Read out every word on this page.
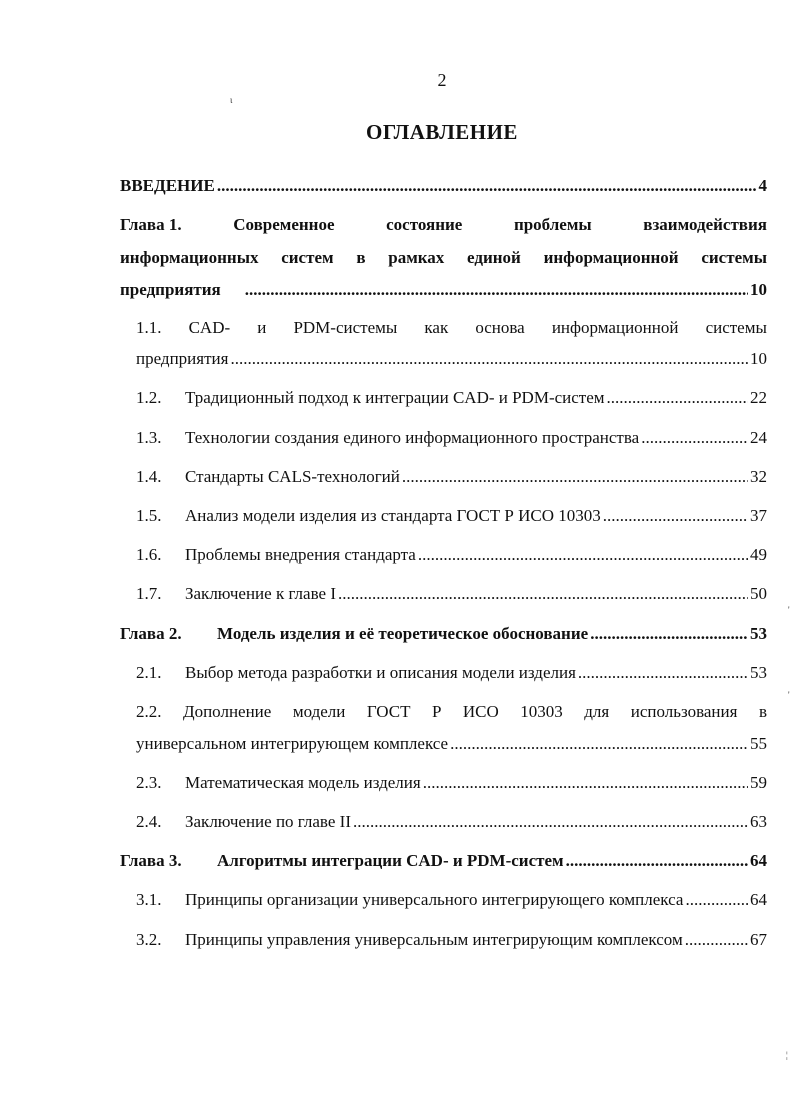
2
ОГЛАВЛЕНИЕ
ВВЕДЕНИЕ .....	4
Глава 1.	Современное	состояние	проблемы	взаимодействия
информационных систем в рамках единой информационной системы
предприятия .....	10
1.1. CAD- и PDM-системы как основа информационной системы
предприятия .....	10
1.2. Традиционный подход к интеграции CAD- и PDM-систем .....	22
1.3. Технологии создания единого информационного пространства .....	24
1.4. Стандарты CALS-технологий .....	32
1.5. Анализ модели изделия из стандарта ГОСТ Р ИСО 10303 .....	37
1.6. Проблемы внедрения стандарта .....	49
1.7. Заключение к главе I .....	50
Глава 2. Модель изделия и её теоретическое обоснование .....	53
2.1. Выбор метода разработки и описания модели изделия .....	53
2.2. Дополнение модели ГОСТ Р ИСО 10303 для использования в
универсальном интегрирующем комплексе .....	55
2.3. Математическая модель изделия .....	59
2.4. Заключение по главе II .....	63
Глава 3. Алгоритмы интеграции CAD- и PDM-систем .....	64
3.1. Принципы организации универсального интегрирующего комплекса .....	64
3.2. Принципы управления универсальным интегрирующим комплексом .....	67
ι
'
'
¦
